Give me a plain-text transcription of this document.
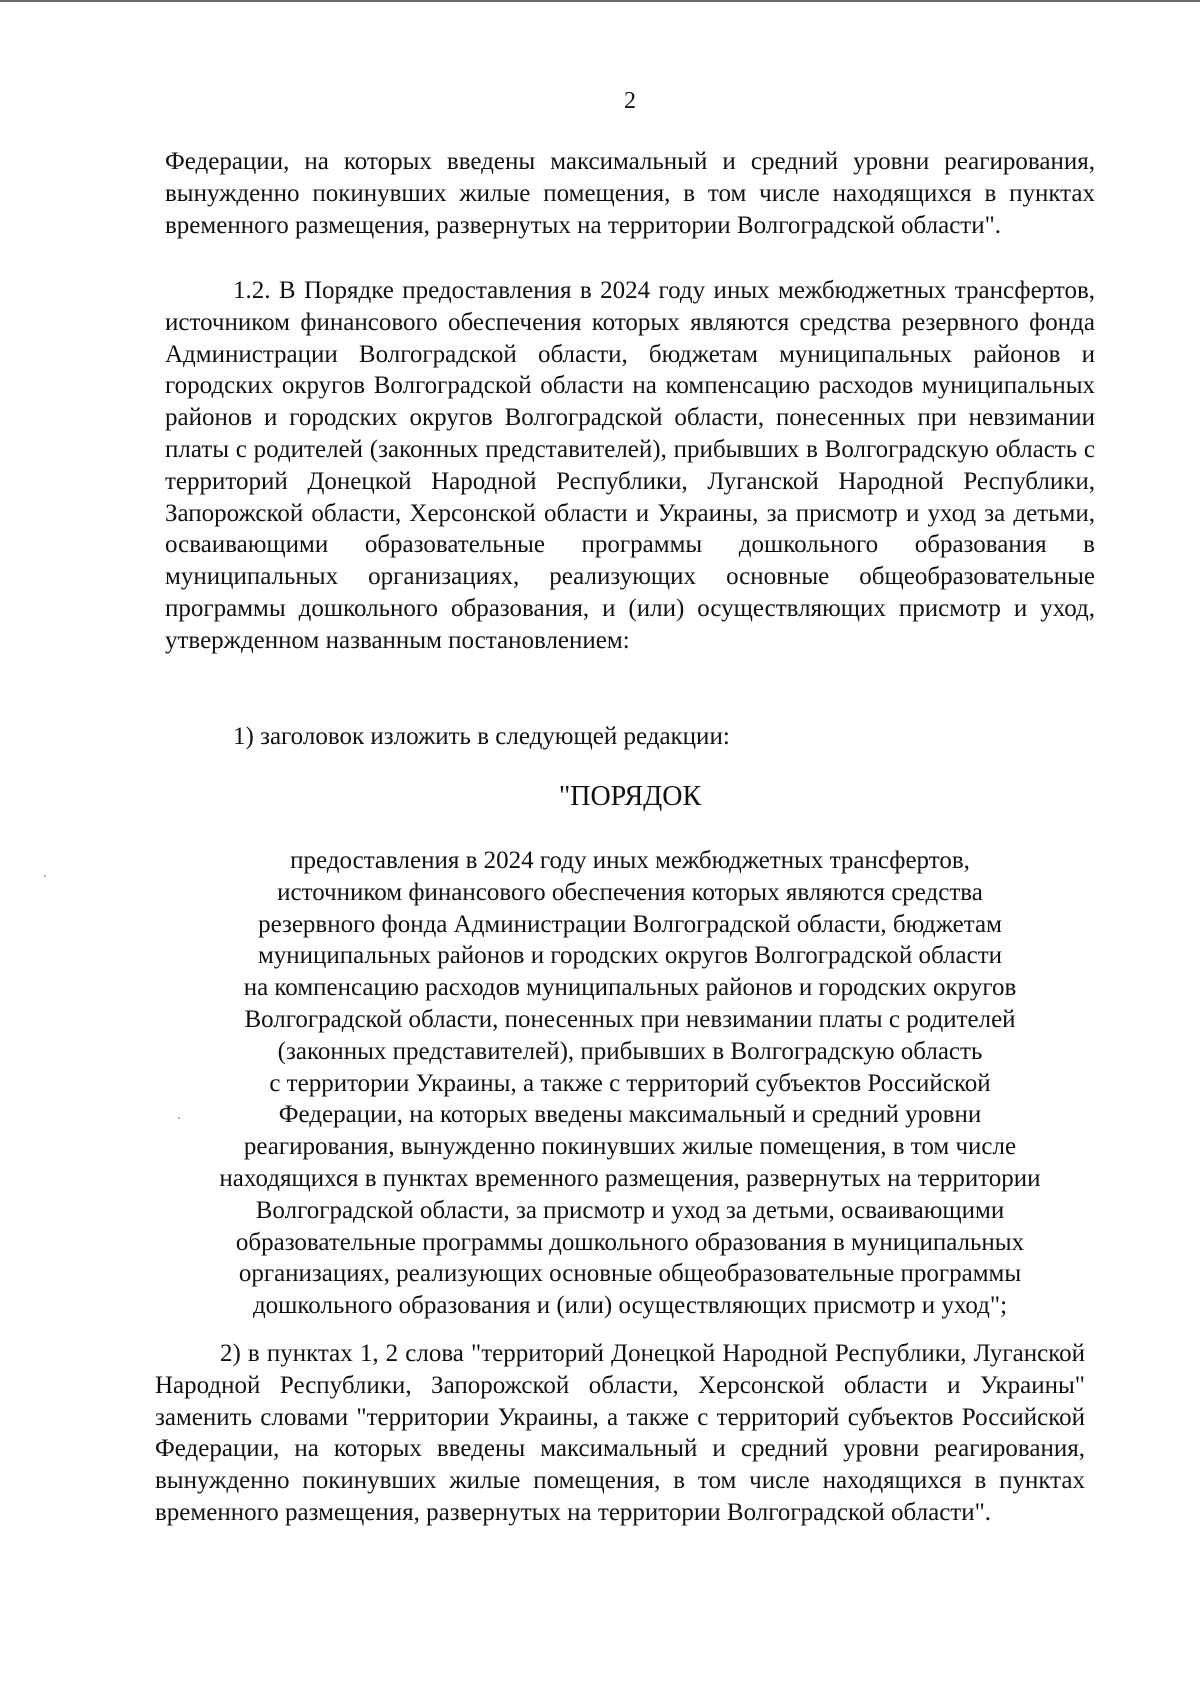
2

Федерации, на которых введены максимальный и средний уровни реагирования, вынужденно покинувших жилые помещения, в том числе находящихся в пунктах временного размещения, развернутых на территории Волгоградской области".

1.2. В Порядке предоставления в 2024 году иных межбюджетных трансфертов, источником финансового обеспечения которых являются средства резервного фонда Администрации Волгоградской области, бюджетам муниципальных районов и городских округов Волгоградской области на компенсацию расходов муниципальных районов и городских округов Волгоградской области, понесенных при невзимании платы с родителей (законных представителей), прибывших в Волгоградскую область с территорий Донецкой Народной Республики, Луганской Народной Республики, Запорожской области, Херсонской области и Украины, за присмотр и уход за детьми, осваивающими образовательные программы дошкольного образования в муниципальных организациях, реализующих основные общеобразовательные программы дошкольного образования, и (или) осуществляющих присмотр и уход, утвержденном названным постановлением:

1) заголовок изложить в следующей редакции:

"ПОРЯДОК
предоставления в 2024 году иных межбюджетных трансфертов,
источником финансового обеспечения которых являются средства
резервного фонда Администрации Волгоградской области, бюджетам
муниципальных районов и городских округов Волгоградской области
на компенсацию расходов муниципальных районов и городских округов
Волгоградской области, понесенных при невзимании платы с родителей
(законных представителей), прибывших в Волгоградскую область
с территории Украины, а также с территорий субъектов Российской
Федерации, на которых введены максимальный и средний уровни
реагирования, вынужденно покинувших жилые помещения, в том числе
находящихся в пунктах временного размещения, развернутых на территории
Волгоградской области, за присмотр и уход за детьми, осваивающими
образовательные программы дошкольного образования в муниципальных
организациях, реализующих основные общеобразовательные программы
дошкольного образования и (или) осуществляющих присмотр и уход";

2) в пунктах 1, 2 слова "территорий Донецкой Народной Республики, Луганской Народной Республики, Запорожской области, Херсонской области и Украины" заменить словами "территории Украины, а также с территорий субъектов Российской Федерации, на которых введены максимальный и средний уровни реагирования, вынужденно покинувших жилые помещения, в том числе находящихся в пунктах временного размещения, развернутых на территории Волгоградской области".
